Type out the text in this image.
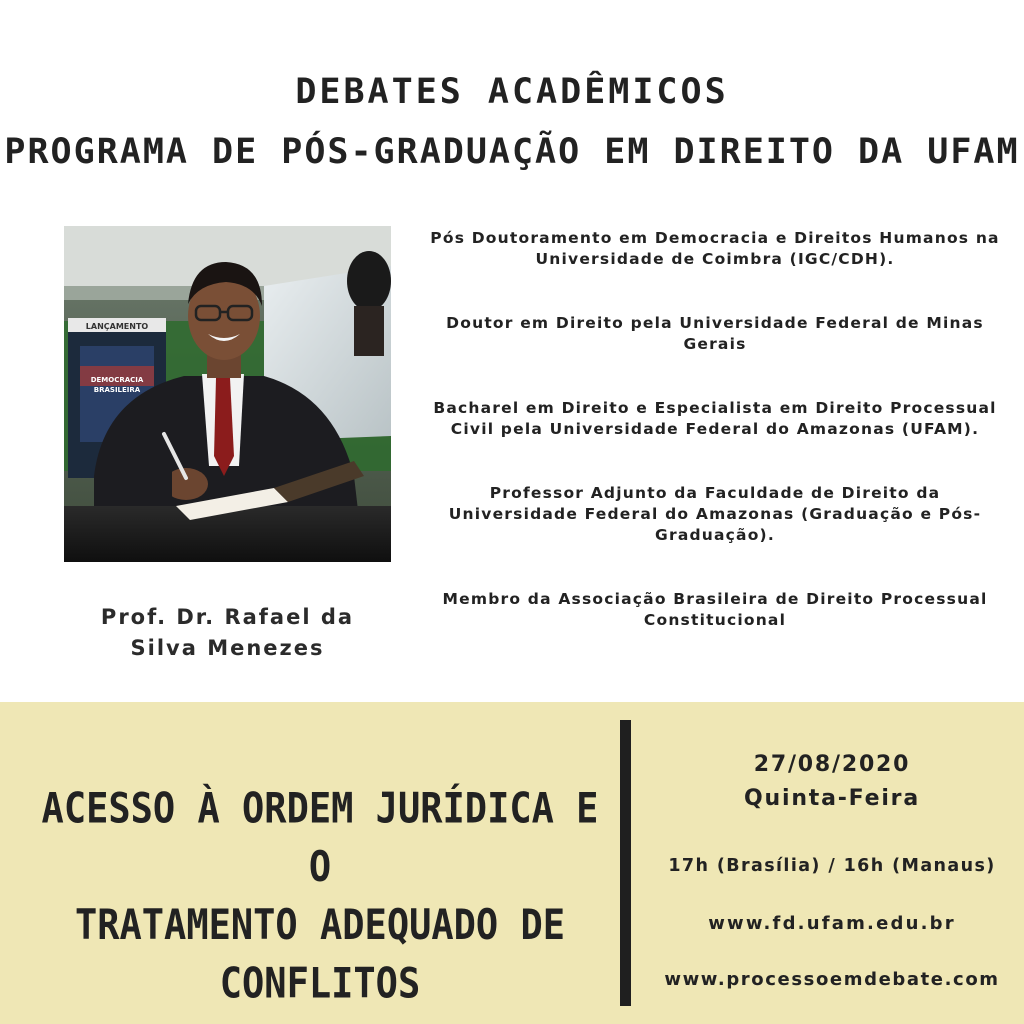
DEBATES ACADÊMICOS
PROGRAMA DE PÓS-GRADUAÇÃO EM DIREITO DA UFAM
LANÇAMENTO
DEMOCRACIA
BRASILEIRA
Prof. Dr. Rafael da
Silva Menezes
Pós Doutoramento em Democracia e Direitos Humanos na
Universidade de Coimbra (IGC/CDH).
Doutor em Direito pela Universidade Federal de Minas
Gerais
Bacharel em Direito e Especialista em Direito Processual
Civil pela Universidade Federal do Amazonas (UFAM).
Professor Adjunto da Faculdade de Direito da
Universidade Federal do Amazonas (Graduação e Pós-
Graduação).
Membro da Associação Brasileira de Direito Processual
Constitucional
ACESSO À ORDEM JURÍDICA E O
TRATAMENTO ADEQUADO DE
CONFLITOS
27/08/2020
Quinta-Feira
17h (Brasília) / 16h (Manaus)
www.fd.ufam.edu.br
www.processoemdebate.com
